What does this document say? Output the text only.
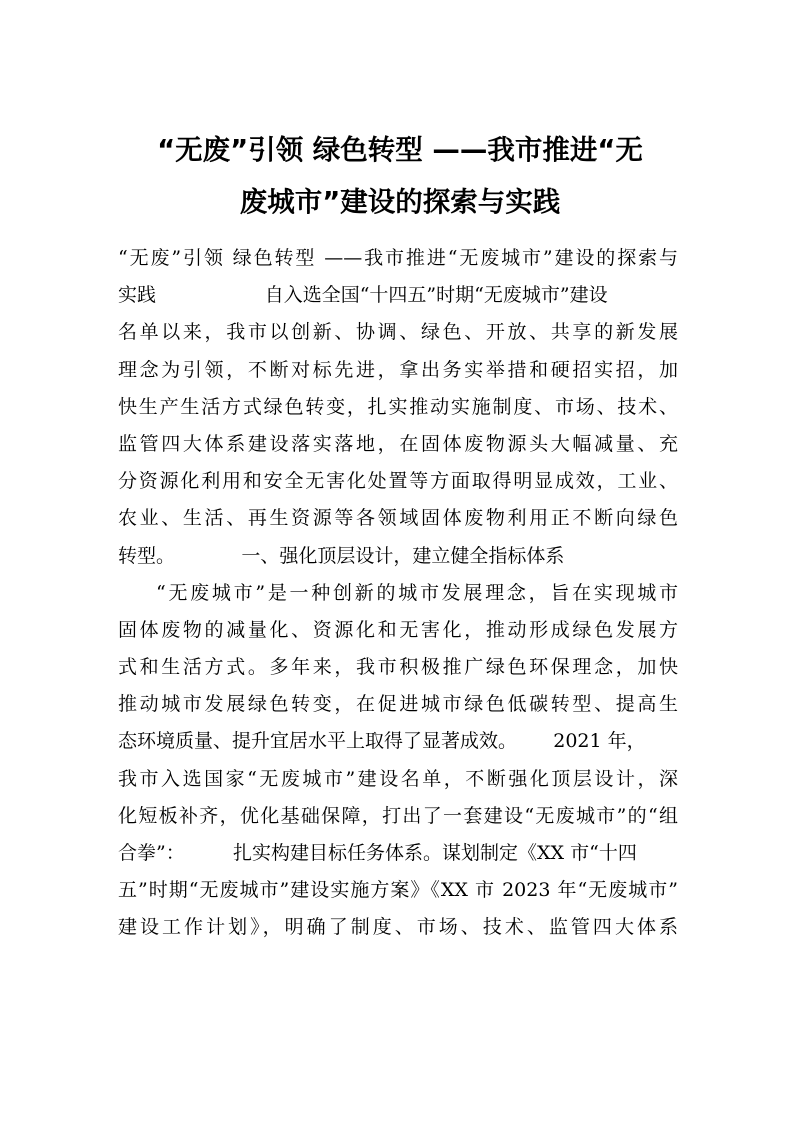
“无废”引领 绿色转型 ——我市推进“无
废城市”建设的探索与实践
“无废”引领 绿色转型 ——我市推进“无废城市”建设的探索与
实践                  自入选全国“十四五”时期“无废城市”建设
名单以来，我市以创新、协调、绿色、开放、共享的新发展
理念为引领，不断对标先进，拿出务实举措和硬招实招，加
快生产生活方式绿色转变，扎实推动实施制度、市场、技术、
监管四大体系建设落实落地，在固体废物源头大幅减量、充
分资源化利用和安全无害化处置等方面取得明显成效，工业、
农业、生活、再生资源等各领域固体废物利用正不断向绿色
转型。           一、强化顶层设计，建立健全指标体系
“无废城市”是一种创新的城市发展理念，旨在实现城市
固体废物的减量化、资源化和无害化，推动形成绿色发展方
式和生活方式。多年来，我市积极推广绿色环保理念，加快
推动城市发展绿色转变，在促进城市绿色低碳转型、提高生
态环境质量、提升宜居水平上取得了显著成效。      2021 年，
我市入选国家“无废城市”建设名单，不断强化顶层设计，深
化短板补齐，优化基础保障，打出了一套建设“无废城市”的“组
合拳”：        扎实构建目标任务体系。谋划制定《XX 市“十四
五”时期“无废城市”建设实施方案》《XX 市 2023 年“无废城市”
建设工作计划》，明确了制度、市场、技术、监管四大体系
